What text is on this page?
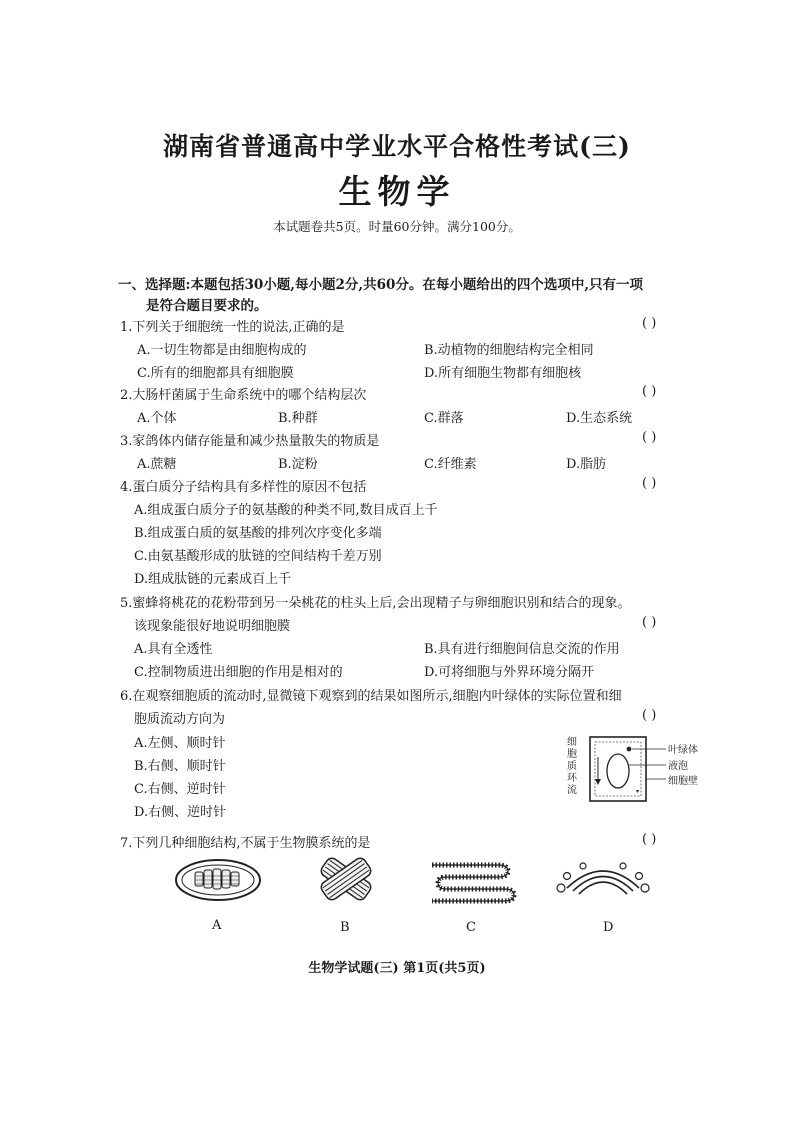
湖南省普通高中学业水平合格性考试(三)
生物学
本试题卷共5页。时量60分钟。满分100分。
一、选择题:本题包括30小题,每小题2分,共60分。在每小题给出的四个选项中,只有一项
是符合题目要求的。
1.下列关于细胞统一性的说法,正确的是	( )
A.一切生物都是由细胞构成的	B.动植物的细胞结构完全相同
C.所有的细胞都具有细胞膜	D.所有细胞生物都有细胞核
2.大肠杆菌属于生命系统中的哪个结构层次	( )
A.个体	B.种群	C.群落	D.生态系统
3.家鸽体内储存能量和减少热量散失的物质是	( )
A.蔗糖	B.淀粉	C.纤维素	D.脂肪
4.蛋白质分子结构具有多样性的原因不包括	( )
A.组成蛋白质分子的氨基酸的种类不同,数目成百上千
B.组成蛋白质的氨基酸的排列次序变化多端
C.由氨基酸形成的肽链的空间结构千差万别
D.组成肽链的元素成百上千
5.蜜蜂将桃花的花粉带到另一朵桃花的柱头上后,会出现精子与卵细胞识别和结合的现象。
该现象能很好地说明细胞膜	( )
A.具有全透性	B.具有进行细胞间信息交流的作用
C.控制物质进出细胞的作用是相对的	D.可将细胞与外界环境分隔开
6.在观察细胞质的流动时,显微镜下观察到的结果如图所示,细胞内叶绿体的实际位置和细
胞质流动方向为	( )
A.左侧、顺时针
B.右侧、顺时针
C.右侧、逆时针
D.右侧、逆时针
细
胞
质
环
流
叶绿体
液泡
细胞壁
7.下列几种细胞结构,不属于生物膜系统的是	( )
A	B	C	D
生物学试题(三) 第1页(共5页)
